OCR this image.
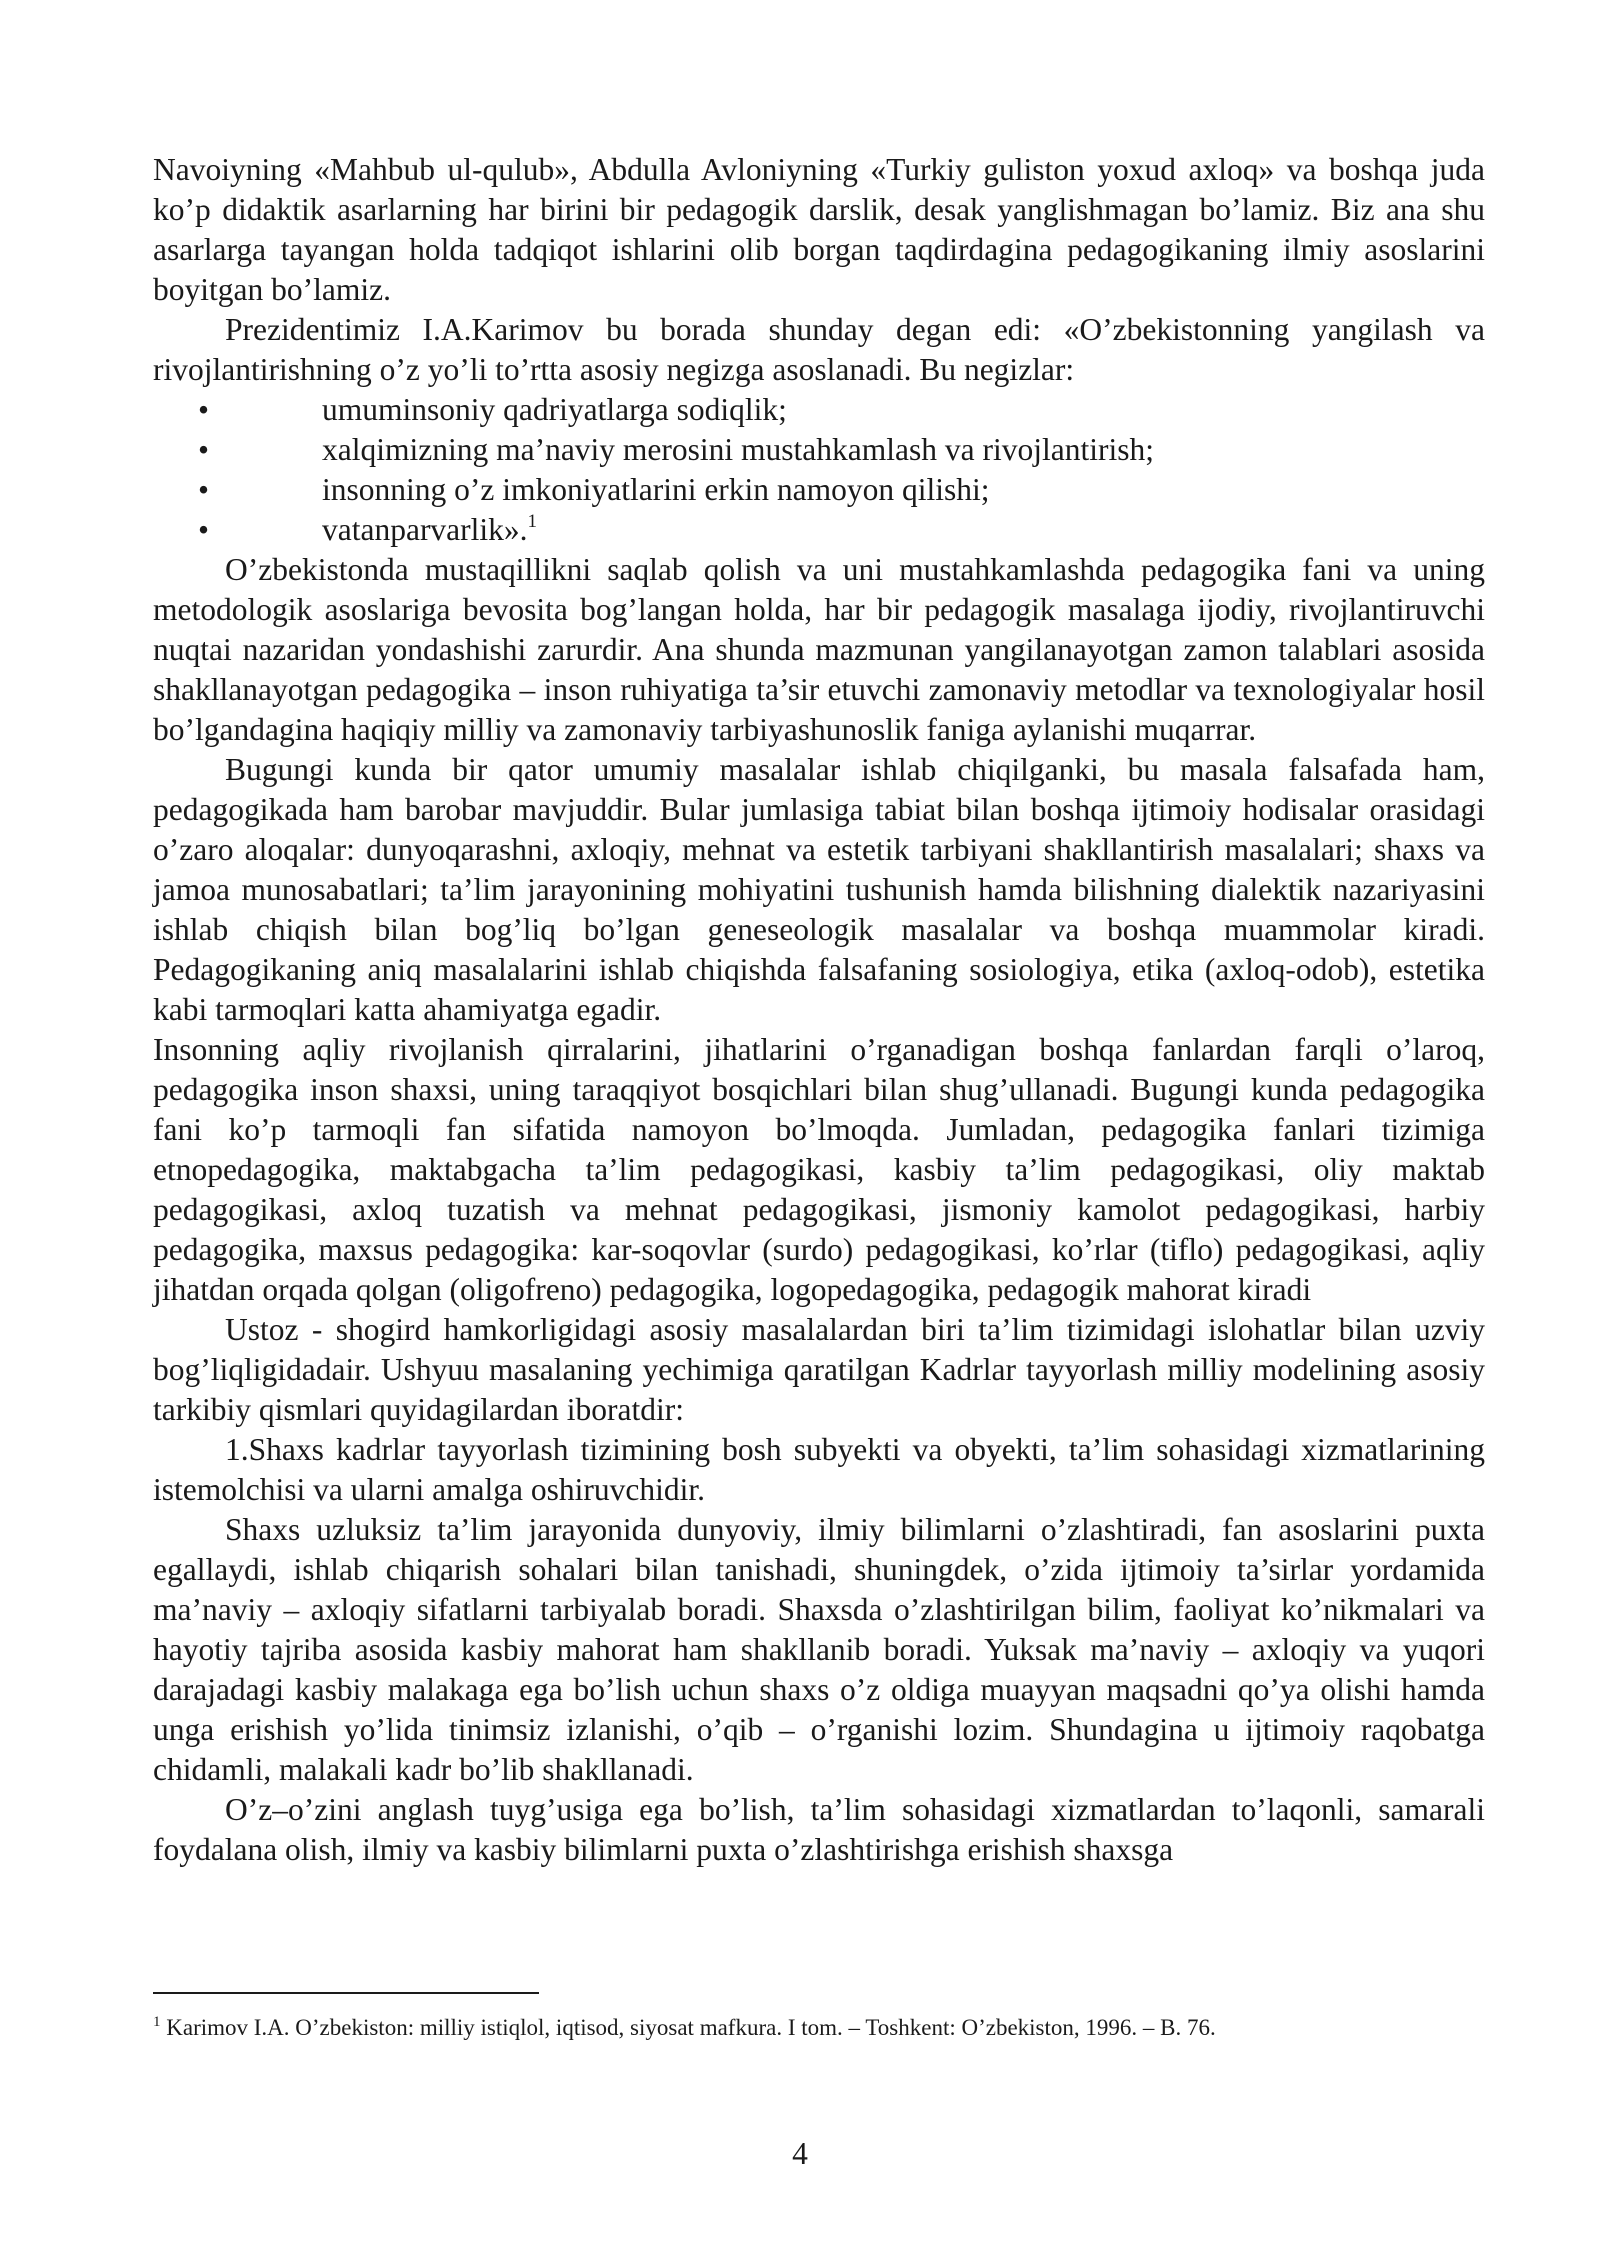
Navoiyning «Mahbub ul-qulub», Abdulla Avloniyning «Turkiy guliston yoxud axloq» va boshqa juda ko’p didaktik asarlarning har birini bir pedagogik darslik, desak yanglishmagan bo’lamiz. Biz ana shu asarlarga tayangan holda tadqiqot ishlarini olib borgan taqdirdagina pedagogikaning ilmiy asoslarini boyitgan bo’lamiz.

Prezidentimiz I.A.Karimov bu borada shunday degan edi: «O’zbekistonning yangilash va rivojlantirishning o’z yo’li to’rtta asosiy negizga asoslanadi. Bu negizlar:

•	umuminsoniy qadriyatlarga sodiqlik;
•	xalqimizning ma’naviy merosini mustahkamlash va rivojlantirish;
•	insonning o’z imkoniyatlarini erkin namoyon qilishi;
•	vatanparvarlik».$^1$

O’zbekistonda mustaqillikni saqlab qolish va uni mustahkamlashda pedagogika fani va uning metodologik asoslariga bevosita bog’langan holda, har bir pedagogik masalaga ijodiy, rivojlantiruvchi nuqtai nazaridan yondashishi zarurdir. Ana shunda mazmunan yangilanayotgan zamon talablari asosida shakllanayotgan pedagogika – inson ruhiyatiga ta’sir etuvchi zamonaviy metodlar va texnologiyalar hosil bo’lgandagina haqiqiy milliy va zamonaviy tarbiyashunoslik faniga aylanishi muqarrar.

Bugungi kunda bir qator umumiy masalalar ishlab chiqilganki, bu masala falsafada ham, pedagogikada ham barobar mavjuddir. Bular jumlasiga tabiat bilan boshqa ijtimoiy hodisalar orasidagi o’zaro aloqalar: dunyoqarashni, axloqiy, mehnat va estetik tarbiyani shakllantirish masalalari; shaxs va jamoa munosabatlari; ta’lim jarayonining mohiyatini tushunish hamda bilishning dialektik nazariyasini ishlab chiqish bilan bog’liq bo’lgan geneseologik masalalar va boshqa muammolar kiradi. Pedagogikaning aniq masalalarini ishlab chiqishda falsafaning sosiologiya, etika (axloq-odob), estetika kabi tarmoqlari katta ahamiyatga egadir.

Insonning aqliy rivojlanish qirralarini, jihatlarini o’rganadigan boshqa fanlardan farqli o’laroq, pedagogika inson shaxsi, uning taraqqiyot bosqichlari bilan shug’ullanadi. Bugungi kunda pedagogika fani ko’p tarmoqli fan sifatida namoyon bo’lmoqda. Jumladan, pedagogika fanlari tizimiga etnopedagogika, maktabgacha ta’lim pedagogikasi, kasbiy ta’lim pedagogikasi, oliy maktab pedagogikasi, axloq tuzatish va mehnat pedagogikasi, jismoniy kamolot pedagogikasi, harbiy pedagogika, maxsus pedagogika: kar-soqovlar (surdo) pedagogikasi, ko’rlar (tiflo) pedagogikasi, aqliy jihatdan orqada qolgan (oligofreno) pedagogika, logopedagogika, pedagogik mahorat kiradi

Ustoz - shogird hamkorligidagi asosiy masalalardan biri ta’lim tizimidagi islohatlar bilan uzviy bog’liqligidadair. Ushyuu masalaning yechimiga qaratilgan Kadrlar tayyorlash milliy modelining asosiy tarkibiy qismlari quyidagilardan iboratdir:

1.Shaxs kadrlar tayyorlash tizimining bosh subyekti va obyekti, ta’lim sohasidagi xizmatlarining istemolchisi va ularni amalga oshiruvchidir.

Shaxs uzluksiz ta’lim jarayonida dunyoviy, ilmiy bilimlarni o’zlashtiradi, fan asoslarini puxta egallaydi, ishlab chiqarish sohalari bilan tanishadi, shuningdek, o’zida ijtimoiy ta’sirlar yordamida ma’naviy – axloqiy sifatlarni tarbiyalab boradi. Shaxsda o’zlashtirilgan bilim, faoliyat ko’nikmalari va hayotiy tajriba asosida kasbiy mahorat ham shakllanib boradi. Yuksak ma’naviy – axloqiy va yuqori darajadagi kasbiy malakaga ega bo’lish uchun shaxs o’z oldiga muayyan maqsadni qo’ya olishi hamda unga erishish yo’lida tinimsiz izlanishi, o’qib – o’rganishi lozim. Shundagina u ijtimoiy raqobatga chidamli, malakali kadr bo’lib shakllanadi.

O’z–o’zini anglash tuyg’usiga ega bo’lish, ta’lim sohasidagi xizmatlardan to’laqonli, samarali foydalana olish, ilmiy va kasbiy bilimlarni puxta o’zlashtirishga erishish shaxsga

$^1$ Karimov I.A. O’zbekiston: milliy istiqlol, iqtisod, siyosat mafkura. I tom. – Toshkent: O’zbekiston, 1996. – B. 76.
4
